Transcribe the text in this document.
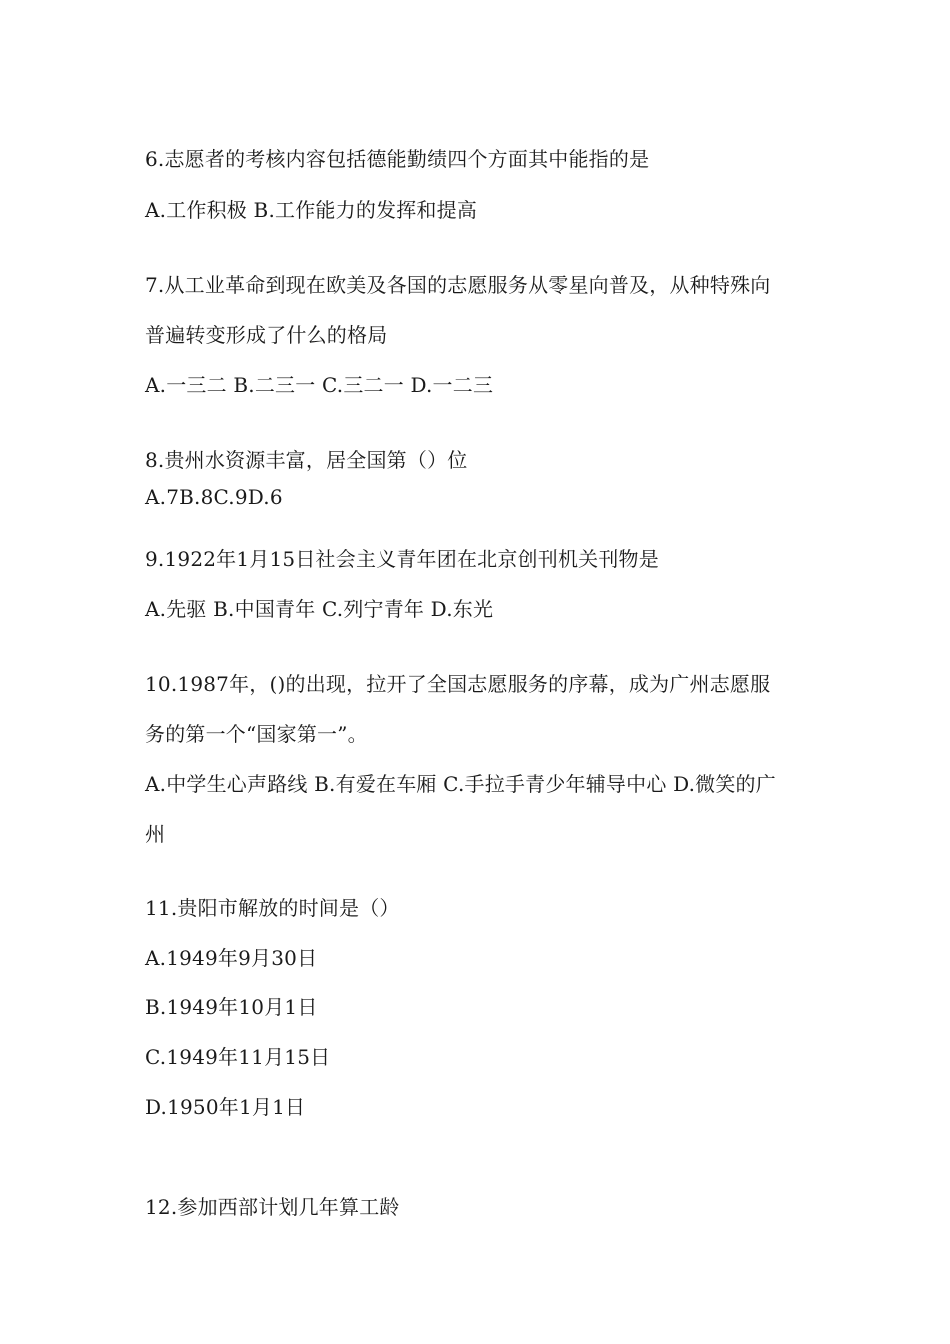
6.志愿者的考核内容包括德能勤绩四个方面其中能指的是
A.工作积极 B.工作能力的发挥和提高
7.从工业革命到现在欧美及各国的志愿服务从零星向普及，从种特殊向
普遍转变形成了什么的格局
A.一三二 B.二三一 C.三二一 D.一二三
8.贵州水资源丰富，居全国第（）位
A.7B.8C.9D.6
9.1922年1月15日社会主义青年团在北京创刊机关刊物是
A.先驱 B.中国青年 C.列宁青年 D.东光
10.1987年，()的出现，拉开了全国志愿服务的序幕，成为广州志愿服
务的第一个“国家第一”。
A.中学生心声路线 B.有爱在车厢 C.手拉手青少年辅导中心 D.微笑的广
州
11.贵阳市解放的时间是（）
A.1949年9月30日
B.1949年10月1日
C.1949年11月15日
D.1950年1月1日
12.参加西部计划几年算工龄
